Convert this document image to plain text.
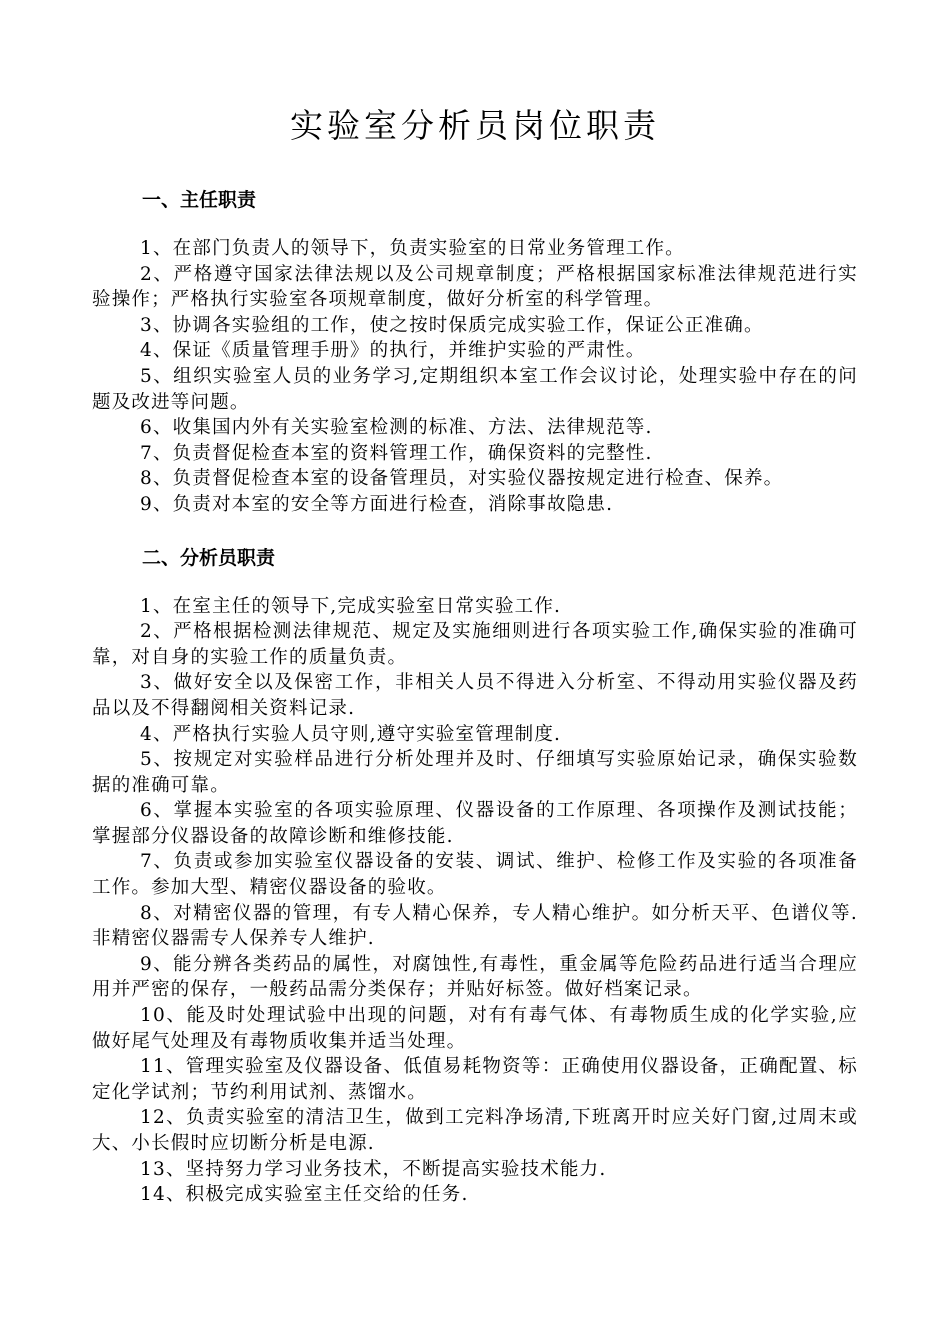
实验室分析员岗位职责
一、主任职责
1、在部门负责人的领导下，负责实验室的日常业务管理工作。
2、严格遵守国家法律法规以及公司规章制度；严格根据国家标准法律规范进行实验操作；严格执行实验室各项规章制度，做好分析室的科学管理。
3、协调各实验组的工作，使之按时保质完成实验工作，保证公正准确。
4、保证《质量管理手册》的执行，并维护实验的严肃性。
5、组织实验室人员的业务学习,定期组织本室工作会议讨论，处理实验中存在的问题及改进等问题。
6、收集国内外有关实验室检测的标准、方法、法律规范等.
7、负责督促检查本室的资料管理工作，确保资料的完整性.
8、负责督促检查本室的设备管理员，对实验仪器按规定进行检查、保养。
9、负责对本室的安全等方面进行检查，消除事故隐患.
二、分析员职责
1、在室主任的领导下,完成实验室日常实验工作.
2、严格根据检测法律规范、规定及实施细则进行各项实验工作,确保实验的准确可靠，对自身的实验工作的质量负责。
3、做好安全以及保密工作，非相关人员不得进入分析室、不得动用实验仪器及药品以及不得翻阅相关资料记录.
4、严格执行实验人员守则,遵守实验室管理制度.
5、按规定对实验样品进行分析处理并及时、仔细填写实验原始记录，确保实验数据的准确可靠。
6、掌握本实验室的各项实验原理、仪器设备的工作原理、各项操作及测试技能；掌握部分仪器设备的故障诊断和维修技能.
7、负责或参加实验室仪器设备的安装、调试、维护、检修工作及实验的各项准备工作。参加大型、精密仪器设备的验收。
8、对精密仪器的管理，有专人精心保养，专人精心维护。如分析天平、色谱仪等.非精密仪器需专人保养专人维护.
9、能分辨各类药品的属性，对腐蚀性,有毒性，重金属等危险药品进行适当合理应用并严密的保存，一般药品需分类保存；并贴好标签。做好档案记录。
10、能及时处理试验中出现的问题，对有有毒气体、有毒物质生成的化学实验,应做好尾气处理及有毒物质收集并适当处理。
11、管理实验室及仪器设备、低值易耗物资等：正确使用仪器设备，正确配置、标定化学试剂；节约利用试剂、蒸馏水。
12、负责实验室的清洁卫生，做到工完料净场清,下班离开时应关好门窗,过周末或大、小长假时应切断分析是电源.
13、坚持努力学习业务技术，不断提高实验技术能力.
14、积极完成实验室主任交给的任务.
